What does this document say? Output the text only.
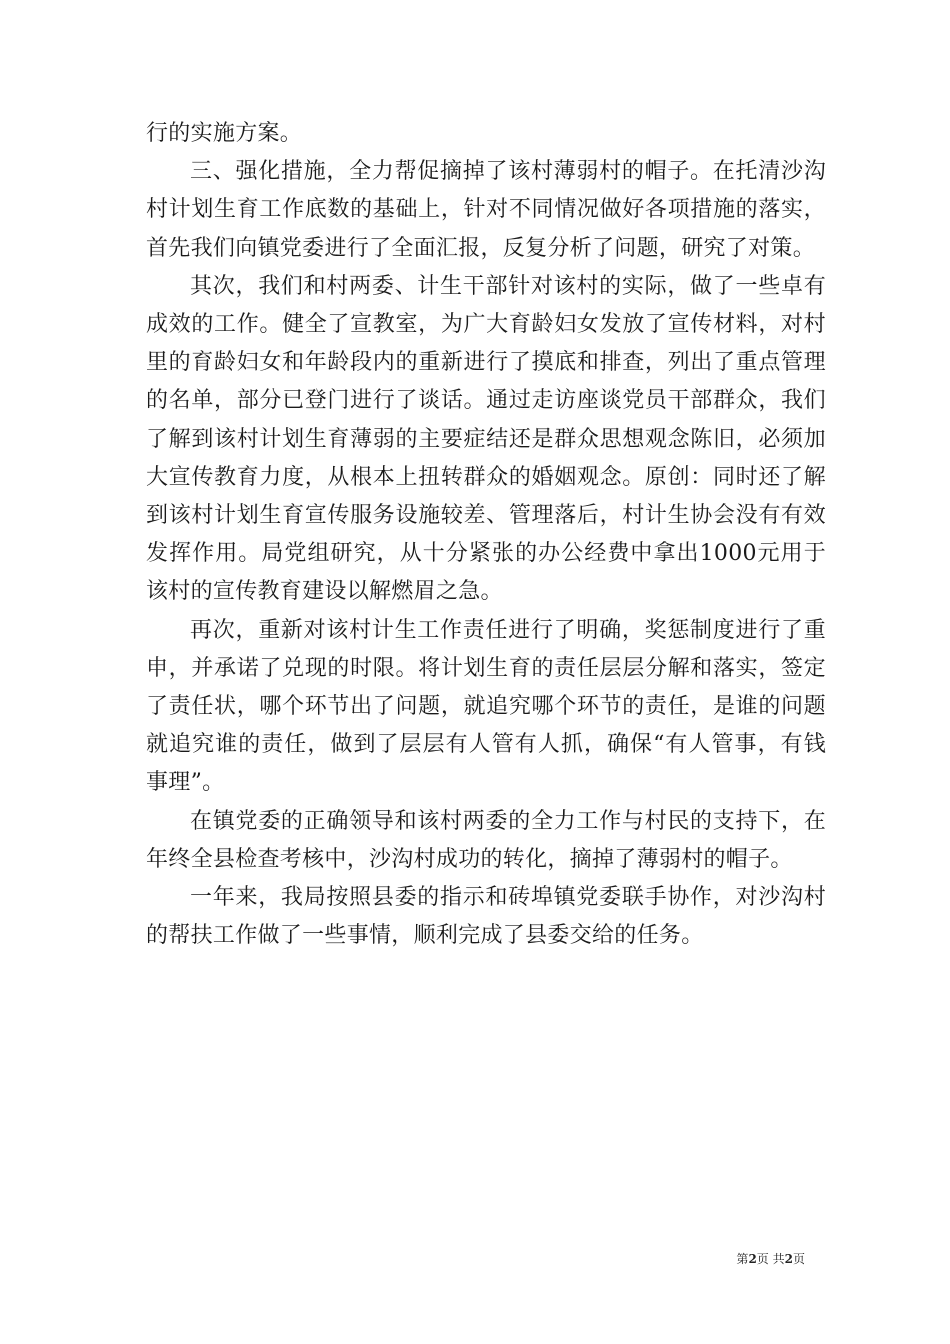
行的实施方案。

三、强化措施，全力帮促摘掉了该村薄弱村的帽子。在托清沙沟村计划生育工作底数的基础上，针对不同情况做好各项措施的落实，首先我们向镇党委进行了全面汇报，反复分析了问题，研究了对策。

其次，我们和村两委、计生干部针对该村的实际，做了一些卓有成效的工作。健全了宣教室，为广大育龄妇女发放了宣传材料，对村里的育龄妇女和年龄段内的重新进行了摸底和排查，列出了重点管理的名单，部分已登门进行了谈话。通过走访座谈党员干部群众，我们了解到该村计划生育薄弱的主要症结还是群众思想观念陈旧，必须加大宣传教育力度，从根本上扭转群众的婚姻观念。原创：同时还了解到该村计划生育宣传服务设施较差、管理落后，村计生协会没有有效发挥作用。局党组研究，从十分紧张的办公经费中拿出1000元用于该村的宣传教育建设以解燃眉之急。

再次，重新对该村计生工作责任进行了明确，奖惩制度进行了重申，并承诺了兑现的时限。将计划生育的责任层层分解和落实，签定了责任状，哪个环节出了问题，就追究哪个环节的责任，是谁的问题就追究谁的责任，做到了层层有人管有人抓，确保“有人管事，有钱事理”。

在镇党委的正确领导和该村两委的全力工作与村民的支持下，在年终全县检查考核中，沙沟村成功的转化，摘掉了薄弱村的帽子。

一年来，我局按照县委的指示和砖埠镇党委联手协作，对沙沟村的帮扶工作做了一些事情，顺利完成了县委交给的任务。

第2页 共2页
